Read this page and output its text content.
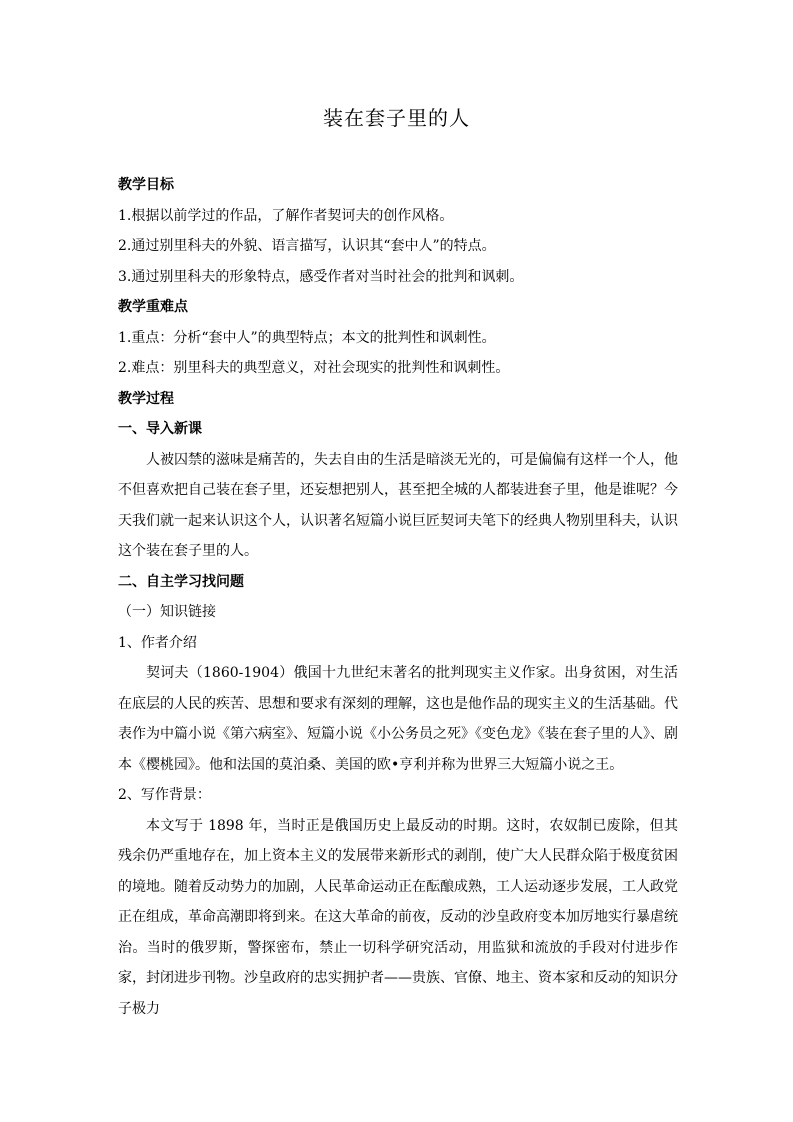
装在套子里的人
教学目标
1.根据以前学过的作品，了解作者契诃夫的创作风格。
2.通过别里科夫的外貌、语言描写，认识其“套中人”的特点。
3.通过别里科夫的形象特点，感受作者对当时社会的批判和讽刺。
教学重难点
1.重点：分析“套中人”的典型特点；本文的批判性和讽刺性。
2.难点：别里科夫的典型意义，对社会现实的批判性和讽刺性。
教学过程
一、导入新课
人被囚禁的滋味是痛苦的，失去自由的生活是暗淡无光的，可是偏偏有这样一个人，他不但喜欢把自己装在套子里，还妄想把别人，甚至把全城的人都装进套子里，他是谁呢？今天我们就一起来认识这个人，认识著名短篇小说巨匠契诃夫笔下的经典人物别里科夫，认识这个装在套子里的人。
二、自主学习找问题
（一）知识链接
1、作者介绍
契诃夫（1860-1904）俄国十九世纪末著名的批判现实主义作家。出身贫困，对生活在底层的人民的疾苦、思想和要求有深刻的理解，这也是他作品的现实主义的生活基础。代表作为中篇小说《第六病室》、短篇小说《小公务员之死》《变色龙》《装在套子里的人》、剧本《樱桃园》。他和法国的莫泊桑、美国的欧•亨利并称为世界三大短篇小说之王。
2、写作背景：
本文写于 1898 年，当时正是俄国历史上最反动的时期。这时，农奴制已废除，但其残余仍严重地存在，加上资本主义的发展带来新形式的剥削，使广大人民群众陷于极度贫困的境地。随着反动势力的加剧，人民革命运动正在酝酿成熟，工人运动逐步发展，工人政党正在组成，革命高潮即将到来。在这大革命的前夜，反动的沙皇政府变本加厉地实行暴虐统治。当时的俄罗斯，警探密布，禁止一切科学研究活动，用监狱和流放的手段对付进步作家，封闭进步刊物。沙皇政府的忠实拥护者——贵族、官僚、地主、资本家和反动的知识分子极力
